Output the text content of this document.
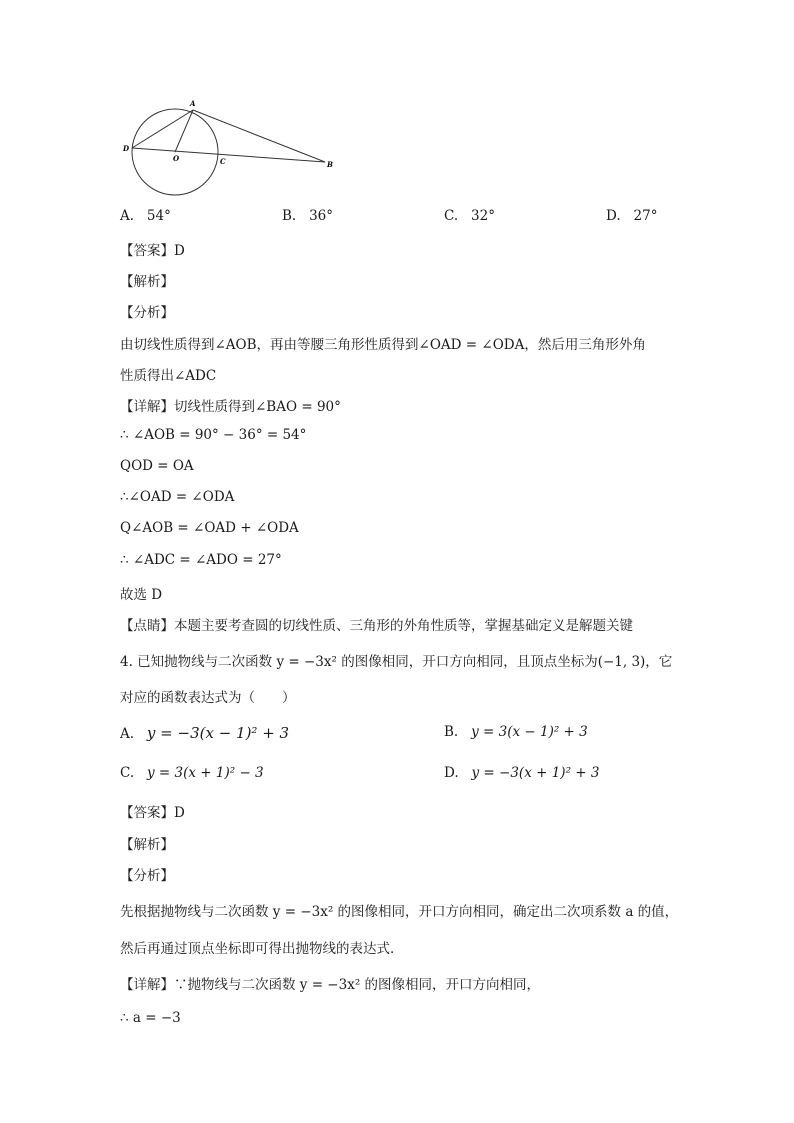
A
D
O	C	B
A. 54°	B. 36°	C. 32°	D. 27°
【答案】D
【解析】
【分析】
由切线性质得到∠AOB，再由等腰三角形性质得到∠OAD = ∠ODA，然后用三角形外角
性质得出∠ADC
【详解】切线性质得到∠BAO = 90°
∴ ∠AOB = 90° − 36° = 54°
QOD = OA
∴∠OAD = ∠ODA
Q∠AOB = ∠OAD + ∠ODA
∴ ∠ADC = ∠ADO = 27°
故选 D
【点睛】本题主要考查圆的切线性质、三角形的外角性质等，掌握基础定义是解题关键
4. 已知抛物线与二次函数 y = −3x² 的图像相同，开口方向相同，且顶点坐标为(−1, 3)，它
对应的函数表达式为（　　）
A. y = −3(x − 1)² + 3	B. y = 3(x − 1)² + 3
C. y = 3(x + 1)² − 3	D. y = −3(x + 1)² + 3
【答案】D
【解析】
【分析】
先根据抛物线与二次函数 y = −3x² 的图像相同，开口方向相同，确定出二次项系数 a 的值，
然后再通过顶点坐标即可得出抛物线的表达式．
【详解】∵抛物线与二次函数 y = −3x² 的图像相同，开口方向相同，
∴ a = −3
